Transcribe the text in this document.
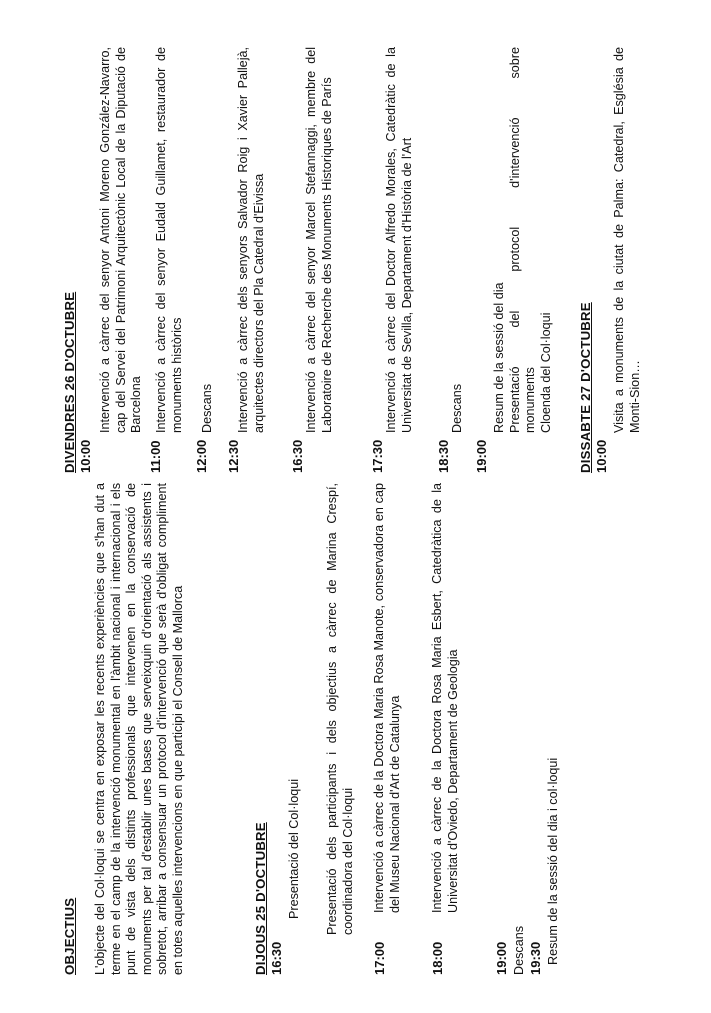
OBJECTIUS L'objecte del Col·loqui se centra en exposar les recents experiències que s'han dut a terme en el camp de la intervenció monumental en l'àmbit nacional i internacional i els punt de vista dels distints professionals que intervenen en la conservació de monuments per tal d'establir unes bases que serveixquin d'orientació als assistents i sobretot, arribar a consensuar un protocol d'intervenció que serà d'obligat compliment en totes aquelles intervencions en que participi el Consell de Mallorca	DIJOUS 25 D'OCTUBRE 16:30

Presentació del Col·loqui Presentació dels participants i dels objectius a càrrec de Marina Crespí, coordinadora del Col·loqui

17:00

Intervenció a càrrec de la Doctora Maria Rosa Manote, conservadora en cap del Museu Nacional d'Art de Catalunya

18:00

Intervenció a càrrec de la Doctora Rosa Maria Esbert, Catedràtica de la Universitat d'Oviedo, Departament de Geologia

19:00 Descans 19:30 Resum de la sessió del dia i col·loqui

DIVENDRES 26 D'OCTUBRE 10:00

Intervenció a càrrec del senyor Antoni Moreno González-Navarro, cap del Servei del Patrimoni Arquitectònic Local de la Diputació de Barcelona

11:00

Intervenció a càrrec del senyor Eudald Guillamet, restaurador de monuments històrics

12:00

Descans

12:30

Intervenció a càrrec dels senyors Salvador Roig i Xavier Pallejà, arquitectes directors del Pla Catedral d'Eivissa

16:30

Intervenció a càrrec del senyor Marcel Stefannaggi, membre del Laboratoire de Recherche des Monuments Historiques de París

17:30

Intervenció a càrrec del Doctor Alfredo Morales, Catedràtic de la Universitat de Sevilla, Departament d'Història de l'Art

18:30

Descans

19:00
Resum de la sessió del dia Presentació del protocol d'intervenció sobre monuments Cloenda del Col·loqui DISSABTE 27 D'OCTUBRE 10:00

Visita a monuments de la ciutat de Palma: Catedral, Església de Monti-Sion…
